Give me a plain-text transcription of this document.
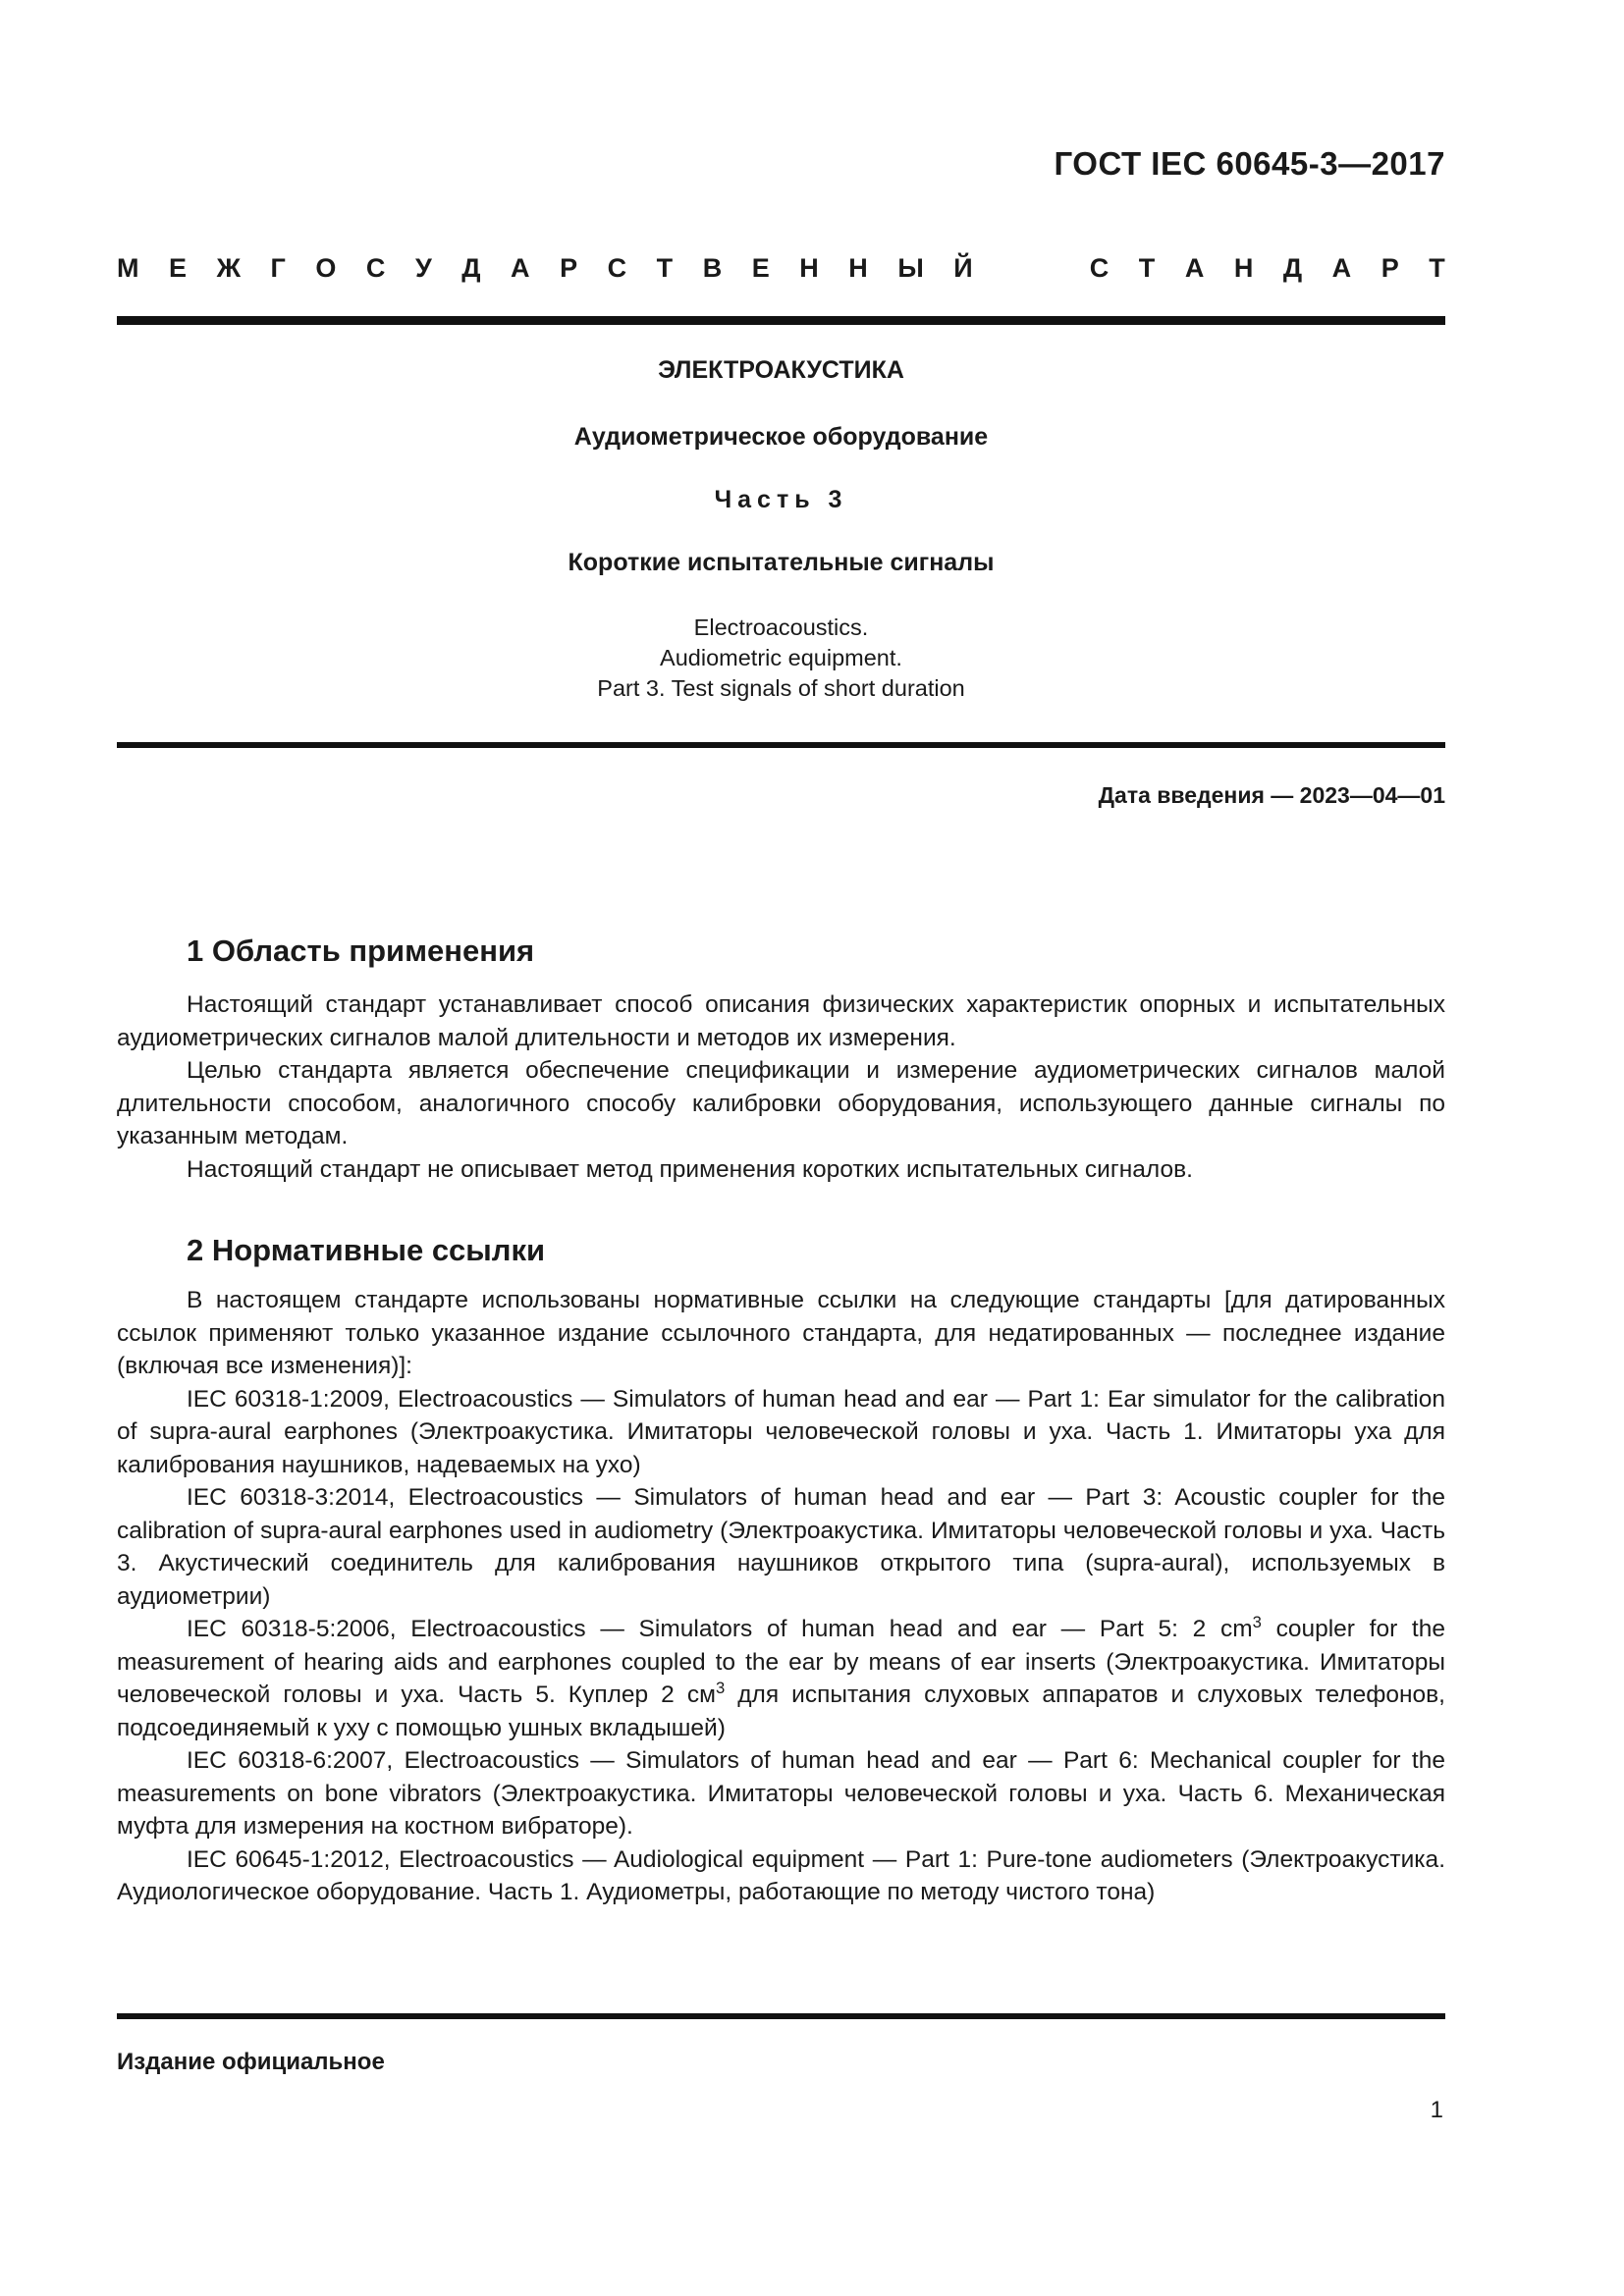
ГОСТ IEC 60645-3—2017
М Е Ж Г О С У Д А Р С Т В Е Н Н Ы Й	С Т А Н Д А Р Т
ЭЛЕКТРОАКУСТИКА
Аудиометрическое оборудование
Часть 3
Короткие испытательные сигналы
Electroacoustics.
Audiometric equipment.
Part 3. Test signals of short duration
Дата введения — 2023—04—01
1 Область применения

Настоящий стандарт устанавливает способ описания физических характеристик опорных и испытательных аудиометрических сигналов малой длительности и методов их измерения.

Целью стандарта является обеспечение спецификации и измерение аудиометрических сигналов малой длительности способом, аналогичного способу калибровки оборудования, использующего данные сигналы по указанным методам.

Настоящий стандарт не описывает метод применения коротких испытательных сигналов.

2 Нормативные ссылки

В настоящем стандарте использованы нормативные ссылки на следующие стандарты [для датированных ссылок применяют только указанное издание ссылочного стандарта, для недатированных — последнее издание (включая все изменения)]:

IEC 60318-1:2009, Electroacoustics — Simulators of human head and ear — Part 1: Ear simulator for the calibration of supra-aural earphones (Электроакустика. Имитаторы человеческой головы и уха. Часть 1. Имитаторы уха для калибрования наушников, надеваемых на ухо)

IEC 60318-3:2014, Electroacoustics — Simulators of human head and ear — Part 3: Acoustic coupler for the calibration of supra-aural earphones used in audiometry (Электроакустика. Имитаторы человеческой головы и уха. Часть 3. Акустический соединитель для калибрования наушников открытого типа (supra-aural), используемых в аудиометрии)

IEC 60318-5:2006, Electroacoustics — Simulators of human head and ear — Part 5: 2 $cm^3$ coupler for the measurement of hearing aids and earphones coupled to the ear by means of ear inserts (Электроакустика. Имитаторы человеческой головы и уха. Часть 5. Куплер 2 $см^3$ для испытания слуховых аппаратов и слуховых телефонов, подсоединяемый к уху с помощью ушных вкладышей)

IEC 60318-6:2007, Electroacoustics — Simulators of human head and ear — Part 6: Mechanical coupler for the measurements on bone vibrators (Электроакустика. Имитаторы человеческой головы и уха. Часть 6. Механическая муфта для измерения на костном вибраторе).

IEC 60645-1:2012, Electroacoustics — Audiological equipment — Part 1: Pure-tone audiometers (Электроакустика. Аудиологическое оборудование. Часть 1. Аудиометры, работающие по методу чистого тона)

Издание официальное
1
